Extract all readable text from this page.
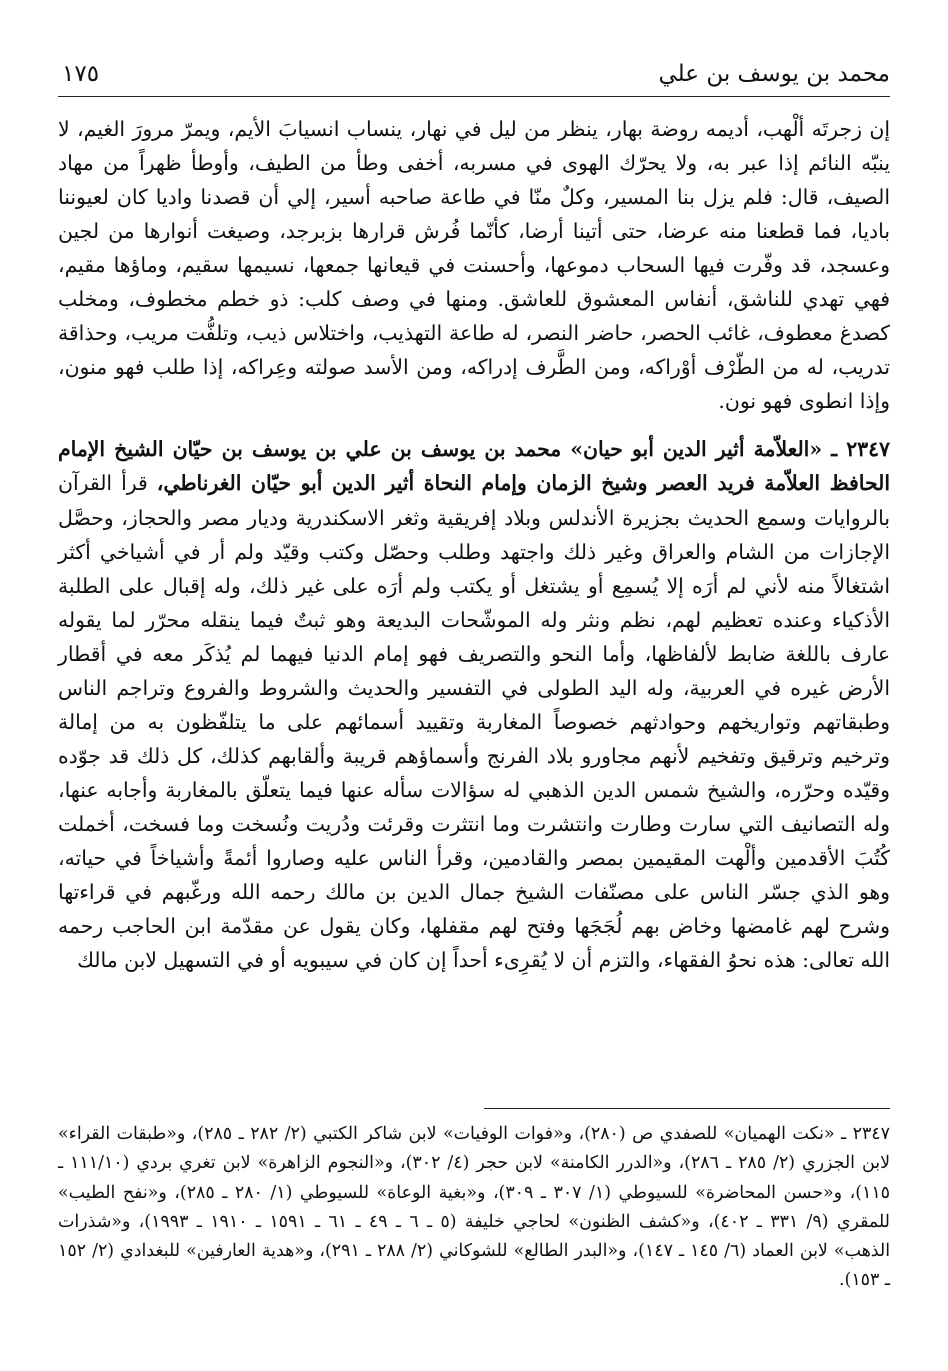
محمد بن يوسف بن علي
١٧٥

إن زجرتَه ألْهب، أديمه روضة بهار، ينظر من ليل في نهار، ينساب انسيابَ الأيم، ويمرّ مرورَ الغيم، لا ينبّه النائم إذا عبر به، ولا يحرّك الهوى في مسربه، أخفى وطأ من الطيف، وأوطأ ظهراً من مهاد الصيف، قال: فلم يزل بنا المسير، وكلٌ منّا في طاعة صاحبه أسير، إلي أن قصدنا واديا كان لعيوننا باديا، فما قطعنا منه عرضا، حتى أتينا أرضا، كأنّما فُرش قرارها بزبرجد، وصيغت أنوارها من لجين وعسجد، قد وفّرت فيها السحاب دموعها، وأحسنت في قيعانها جمعها، نسيمها سقيم، وماؤها مقيم، فهي تهدي للناشق، أنفاس المعشوق للعاشق. ومنها في وصف كلب: ذو خطم مخطوف، ومخلب كصدغ معطوف، غائب الحصر، حاضر النصر، له طاعة التهذيب، واختلاس ذيب، وتلفُّت مريب، وحذاقة تدريب، له من الطّرْف أوْراكه، ومن الطَّرف إدراكه، ومن الأسد صولته وعِراكه، إذا طلب فهو منون، وإذا انطوى فهو نون.

٢٣٤٧ ـ «العلاّمة أثير الدين أبو حيان» محمد بن يوسف بن علي بن يوسف بن حيّان الشيخ الإمام الحافظ العلاّمة فريد العصر وشيخ الزمان وإمام النحاة أثير الدين أبو حيّان الغرناطي، قرأ القرآن بالروايات وسمع الحديث بجزيرة الأندلس وبلاد إفريقية وثغر الاسكندرية وديار مصر والحجاز، وحصَّل الإجازات من الشام والعراق وغير ذلك واجتهد وطلب وحصّل وكتب وقيّد ولم أر في أشياخي أكثر اشتغالاً منه لأني لم أرَه إلا يُسمِع أو يشتغل أو يكتب ولم أرَه على غير ذلك، وله إقبال على الطلبة الأذكياء وعنده تعظيم لهم، نظم ونثر وله الموشّحات البديعة وهو ثبتٌ فيما ينقله محرّر لما يقوله عارف باللغة ضابط لألفاظها، وأما النحو والتصريف فهو إمام الدنيا فيهما لم يُذكَر معه في أقطار الأرض غيره في العربية، وله اليد الطولى في التفسير والحديث والشروط والفروع وتراجم الناس وطبقاتهم وتواريخهم وحوادثهم خصوصاً المغاربة وتقييد أسمائهم على ما يتلفّظون به من إمالة وترخيم وترقيق وتفخيم لأنهم مجاورو بلاد الفرنج وأسماؤهم قريبة وألقابهم كذلك، كل ذلك قد جوّده وقيّده وحرّره، والشيخ شمس الدين الذهبي له سؤالات سأله عنها فيما يتعلّق بالمغاربة وأجابه عنها، وله التصانيف التي سارت وطارت وانتشرت وما انتثرت وقرئت ودُريت ونُسخت وما فسخت، أخملت كُتُبَ الأقدمين وألْهت المقيمين بمصر والقادمين، وقرأ الناس عليه وصاروا أئمةً وأشياخاً في حياته، وهو الذي جسّر الناس على مصنّفات الشيخ جمال الدين بن مالك رحمه الله ورغّبهم في قراءتها وشرح لهم غامضها وخاض بهم لُجَجَها وفتح لهم مقفلها، وكان يقول عن مقدّمة ابن الحاجب رحمه الله تعالى: هذه نحوُ الفقهاء، والتزم أن لا يُقرِىء أحداً إن كان في سيبويه أو في التسهيل لابن مالك

٢٣٤٧ ـ «نكت الهميان» للصفدي ص (٢٨٠)، و«فوات الوفيات» لابن شاكر الكتبي (٢/ ٢٨٢ ـ ٢٨٥)، و«طبقات القراء» لابن الجزري (٢/ ٢٨٥ ـ ٢٨٦)، و«الدرر الكامنة» لابن حجر (٤/ ٣٠٢)، و«النجوم الزاهرة» لابن تغري بردي (١١١/١٠ ـ ١١٥)، و«حسن المحاضرة» للسيوطي (١/ ٣٠٧ ـ ٣٠٩)، و«بغية الوعاة» للسيوطي (١/ ٢٨٠ ـ ٢٨٥)، و«نفح الطيب» للمقري (٩/ ٣٣١ ـ ٤٠٢)، و«كشف الظنون» لحاجي خليفة (٥ ـ ٦ ـ ٤٩ ـ ٦١ ـ ١٥٩١ ـ ١٩١٠ ـ ١٩٩٣)، و«شذرات الذهب» لابن العماد (٦/ ١٤٥ ـ ١٤٧)، و«البدر الطالع» للشوكاني (٢/ ٢٨٨ ـ ٢٩١)، و«هدية العارفين» للبغدادي (٢/ ١٥٢ ـ ١٥٣).
